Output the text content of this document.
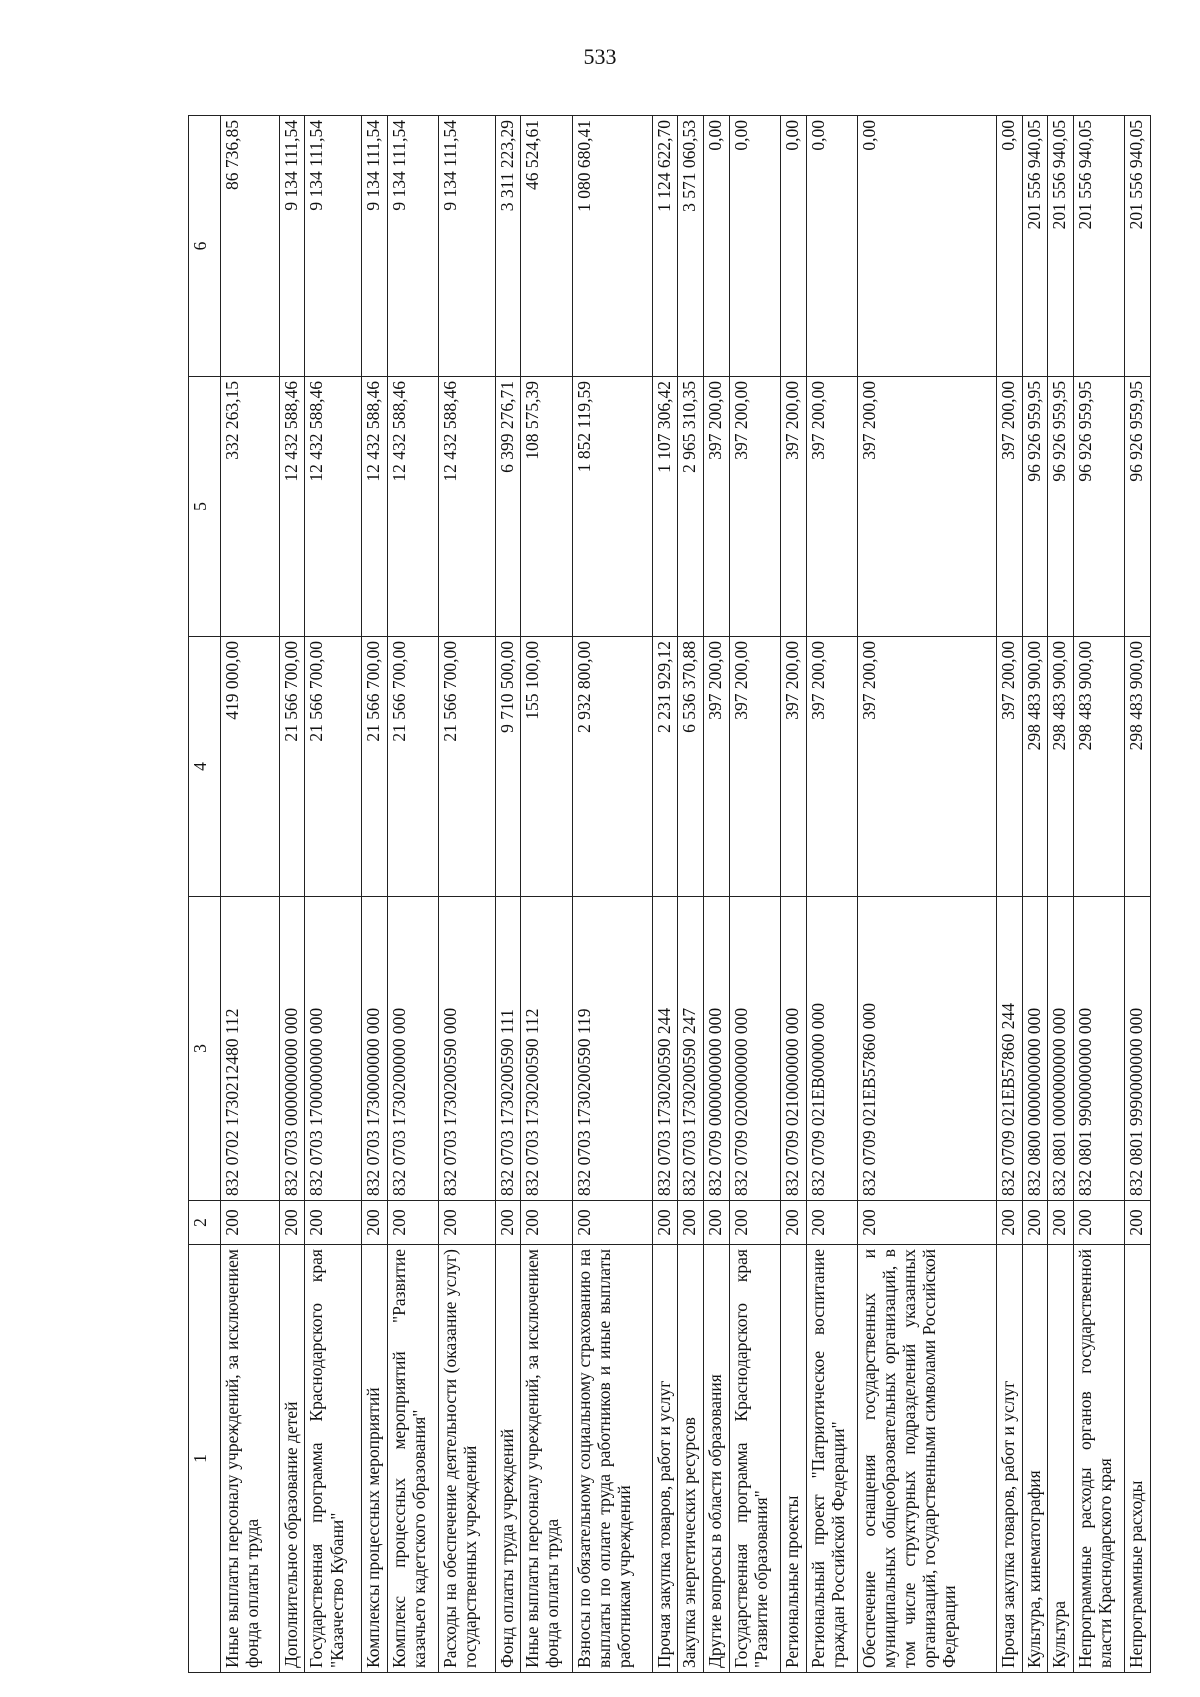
533
1	2	3	4	5	6
Иные выплаты персоналу учреждений, за исключением фонда оплаты труда	200	832 0702 1730212480 112	419 000,00	332 263,15	86 736,85
Дополнительное образование детей	200	832 0703 0000000000 000	21 566 700,00	12 432 588,46	9 134 111,54
Государственная программа Краснодарского края "Казачество Кубани"	200	832 0703 1700000000 000	21 566 700,00	12 432 588,46	9 134 111,54
Комплексы процессных мероприятий	200	832 0703 1730000000 000	21 566 700,00	12 432 588,46	9 134 111,54
Комплекс процессных мероприятий "Развитие казачьего кадетского образования"	200	832 0703 1730200000 000	21 566 700,00	12 432 588,46	9 134 111,54
Расходы на обеспечение деятельности (оказание услуг) государственных учреждений	200	832 0703 1730200590 000	21 566 700,00	12 432 588,46	9 134 111,54
Фонд оплаты труда учреждений	200	832 0703 1730200590 111	9 710 500,00	6 399 276,71	3 311 223,29
Иные выплаты персоналу учреждений, за исключением фонда оплаты труда	200	832 0703 1730200590 112	155 100,00	108 575,39	46 524,61
Взносы по обязательному социальному страхованию на выплаты по оплате труда работников и иные выплаты работникам учреждений	200	832 0703 1730200590 119	2 932 800,00	1 852 119,59	1 080 680,41
Прочая закупка товаров, работ и услуг	200	832 0703 1730200590 244	2 231 929,12	1 107 306,42	1 124 622,70
Закупка энергетических ресурсов	200	832 0703 1730200590 247	6 536 370,88	2 965 310,35	3 571 060,53
Другие вопросы в области образования	200	832 0709 0000000000 000	397 200,00	397 200,00	0,00
Государственная программа Краснодарского края "Развитие образования"	200	832 0709 0200000000 000	397 200,00	397 200,00	0,00
Региональные проекты	200	832 0709 0210000000 000	397 200,00	397 200,00	0,00
Региональный проект "Патриотическое воспитание граждан Российской Федерации"	200	832 0709 021EB00000 000	397 200,00	397 200,00	0,00
Обеспечение оснащения государственных и муниципальных общеобразовательных организаций, в том числе структурных подразделений указанных организаций, государственными символами Российской Федерации	200	832 0709 021EB57860 000	397 200,00	397 200,00	0,00
Прочая закупка товаров, работ и услуг	200	832 0709 021EB57860 244	397 200,00	397 200,00	0,00
Культура, кинематография	200	832 0800 0000000000 000	298 483 900,00	96 926 959,95	201 556 940,05
Культура	200	832 0801 0000000000 000	298 483 900,00	96 926 959,95	201 556 940,05
Непрограммные расходы органов государственной власти Краснодарского края	200	832 0801 9900000000 000	298 483 900,00	96 926 959,95	201 556 940,05
Непрограммные расходы	200	832 0801 9990000000 000	298 483 900,00	96 926 959,95	201 556 940,05
